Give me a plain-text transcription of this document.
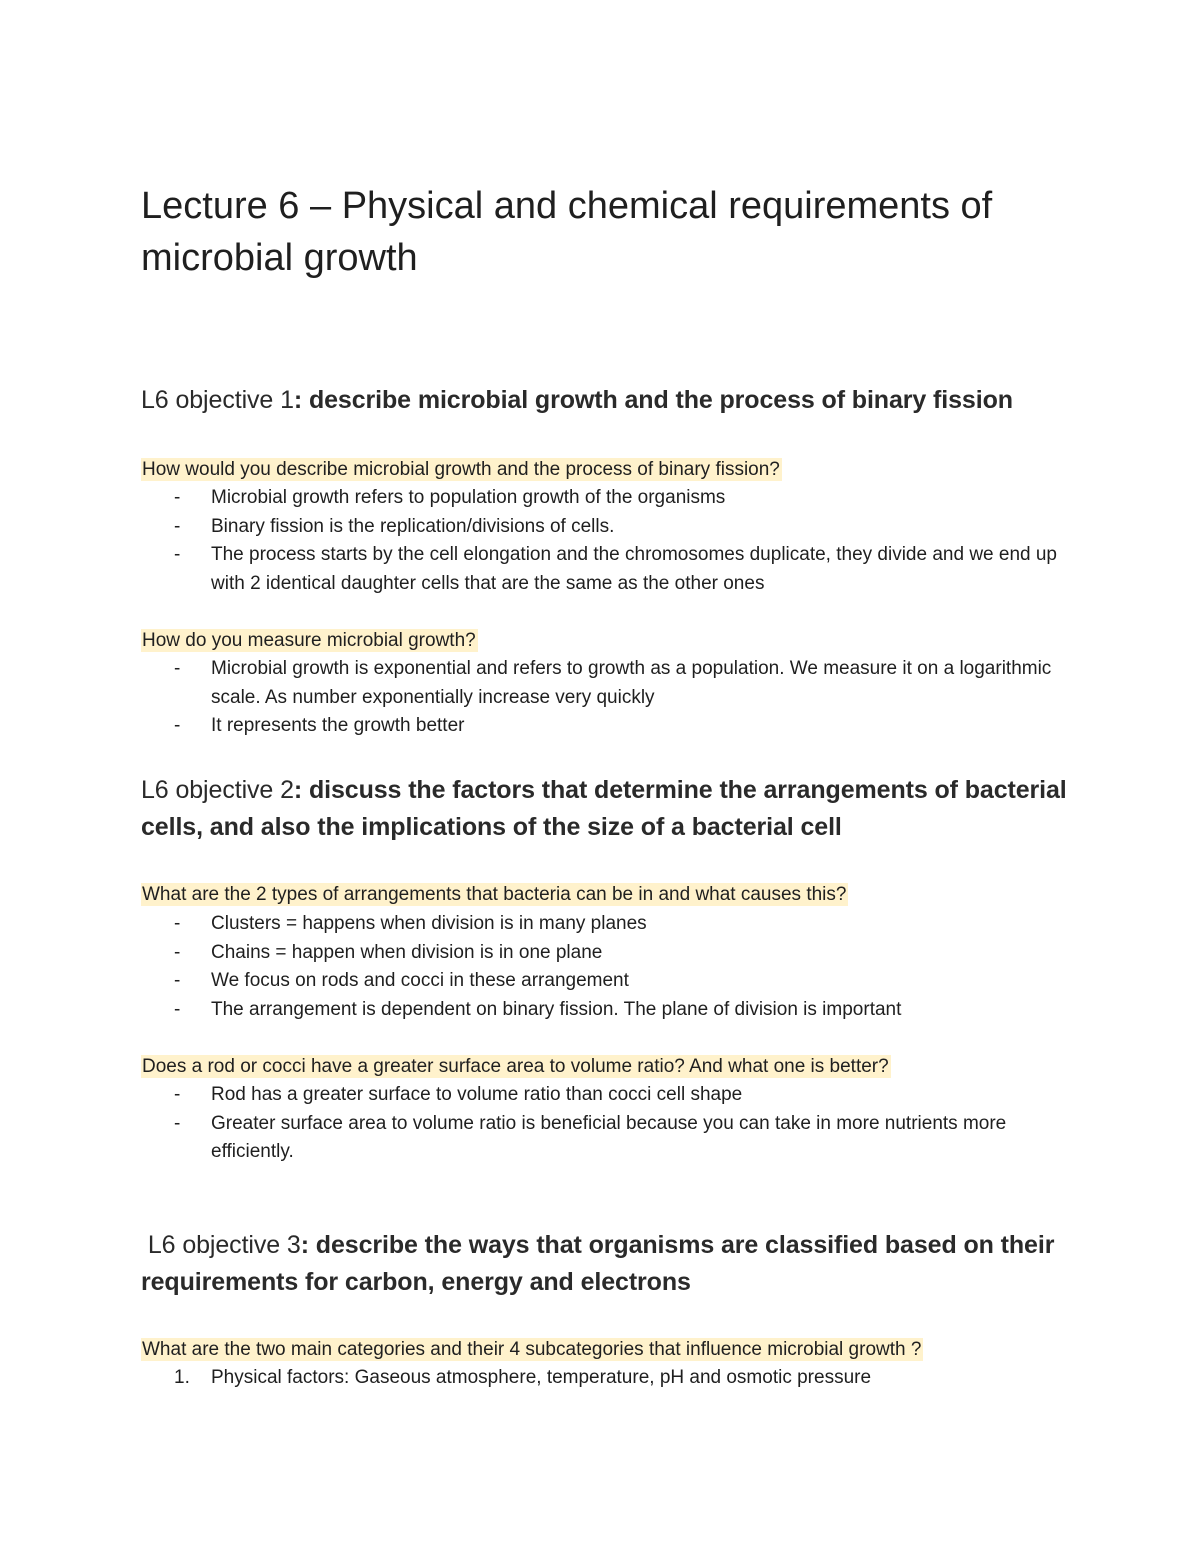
Lecture 6 – Physical and chemical requirements of microbial growth
L6 objective 1: describe microbial growth and the process of binary fission

How would you describe microbial growth and the process of binary fission?

- Microbial growth refers to population growth of the organisms
- Binary fission is the replication/divisions of cells.
- The process starts by the cell elongation and the chromosomes duplicate, they divide and we end up with 2 identical daughter cells that are the same as the other ones

How do you measure microbial growth?

- Microbial growth is exponential and refers to growth as a population. We measure it on a logarithmic scale. As number exponentially increase very quickly
- It represents the growth better
L6 objective 2: discuss the factors that determine the arrangements of bacterial cells, and also the implications of the size of a bacterial cell

What are the 2 types of arrangements that bacteria can be in and what causes this?

- Clusters = happens when division is in many planes
- Chains = happen when division is in one plane
- We focus on rods and cocci in these arrangement
- The arrangement is dependent on binary fission. The plane of division is important

Does a rod or cocci have a greater surface area to volume ratio? And what one is better?

- Rod has a greater surface to volume ratio than cocci cell shape
- Greater surface area to volume ratio is beneficial because you can take in more nutrients more efficiently.
L6 objective 3: describe the ways that organisms are classified based on their requirements for carbon, energy and electrons

What are the two main categories and their 4 subcategories that influence microbial growth ?

1. Physical factors: Gaseous atmosphere, temperature, pH and osmotic pressure
